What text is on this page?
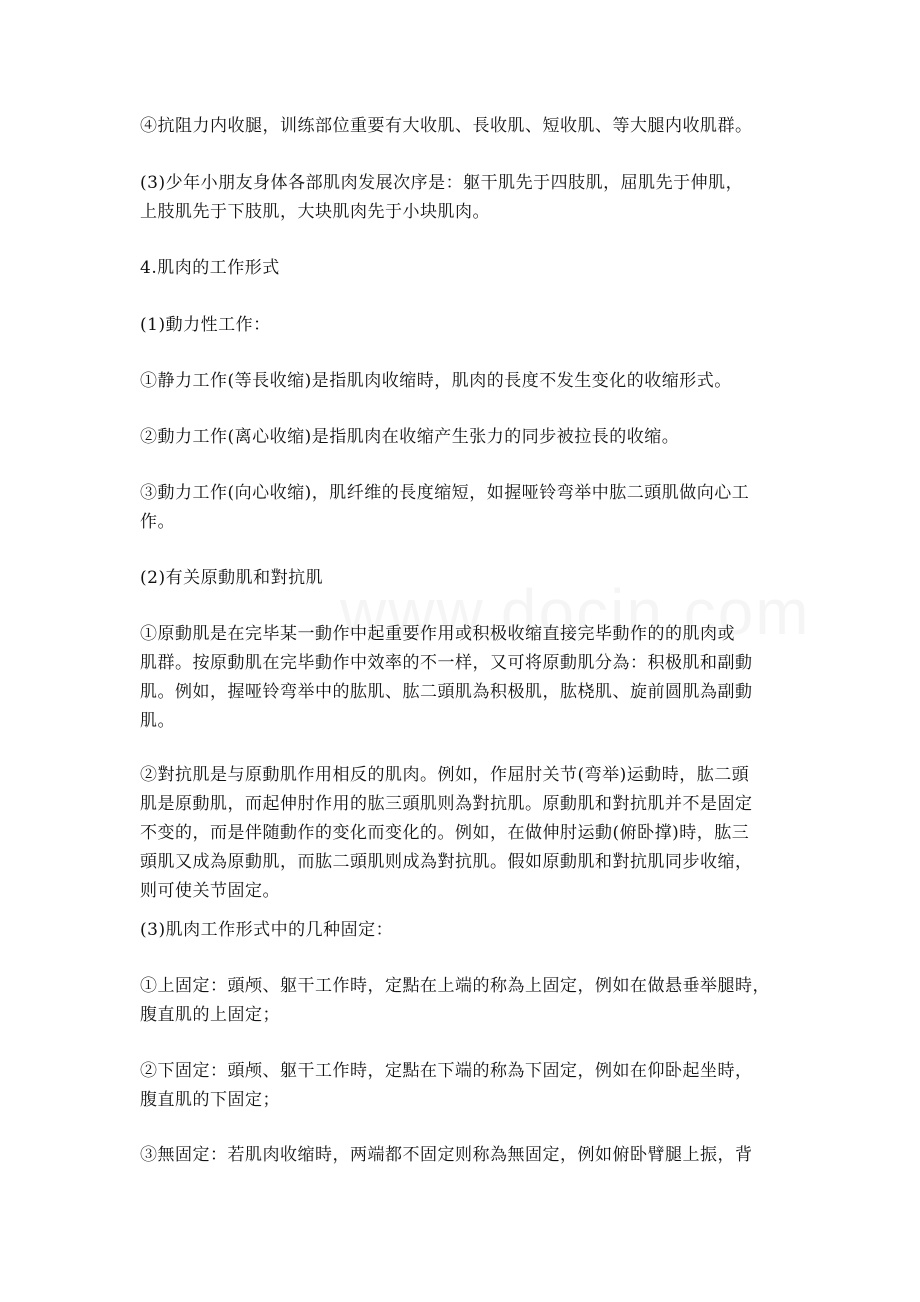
④抗阻力内收腿，训练部位重要有大收肌、長收肌、短收肌、等大腿内收肌群。

(3)少年小朋友身体各部肌肉发展次序是：躯干肌先于四肢肌，屈肌先于伸肌，
上肢肌先于下肢肌，大块肌肉先于小块肌肉。

4.肌肉的工作形式

(1)動力性工作：

①静力工作(等長收缩)是指肌肉收缩時，肌肉的長度不发生变化的收缩形式。

②動力工作(离心收缩)是指肌肉在收缩产生张力的同步被拉長的收缩。

③動力工作(向心收缩)，肌纤维的長度缩短，如握哑铃弯举中肱二頭肌做向心工
作。

(2)有关原動肌和對抗肌

①原動肌是在完毕某一動作中起重要作用或积极收缩直接完毕動作的的肌肉或
肌群。按原動肌在完毕動作中效率的不一样，又可将原動肌分為：积极肌和副動
肌。例如，握哑铃弯举中的肱肌、肱二頭肌為积极肌，肱桡肌、旋前圆肌為副動
肌。

②對抗肌是与原動肌作用相反的肌肉。例如，作屈肘关节(弯举)运動時，肱二頭
肌是原動肌，而起伸肘作用的肱三頭肌则為對抗肌。原動肌和對抗肌并不是固定
不变的，而是伴随動作的变化而变化的。例如，在做伸肘运動(俯卧撑)時，肱三
頭肌又成為原動肌，而肱二頭肌则成為對抗肌。假如原動肌和對抗肌同步收缩，
则可使关节固定。

(3)肌肉工作形式中的几种固定：

①上固定：頭颅、躯干工作時，定點在上端的称為上固定，例如在做悬垂举腿時，
腹直肌的上固定；

②下固定：頭颅、躯干工作時，定點在下端的称為下固定，例如在仰卧起坐時，
腹直肌的下固定；

③無固定：若肌肉收缩時，两端都不固定则称為無固定，例如俯卧臂腿上振，背
